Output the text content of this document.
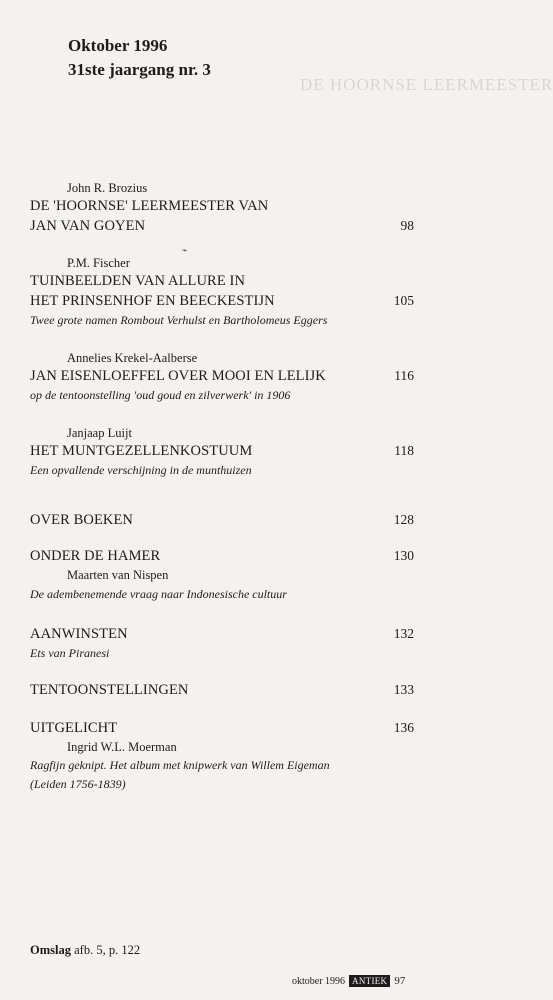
DE HOORNSE LEERMEESTER
Oktober 1996
31ste jaargang nr. 3
⌁
John R. Brozius
DE 'HOORNSE' LEERMEESTER VAN
JAN VAN GOYEN	98
P.M. Fischer
TUINBEELDEN VAN ALLURE IN
HET PRINSENHOF EN BEECKESTIJN	105
Twee grote namen Rombout Verhulst en Bartholomeus Eggers
Annelies Krekel-Aalberse
JAN EISENLOEFFEL OVER MOOI EN LELIJK	116
op de tentoonstelling 'oud goud en zilverwerk' in 1906
Janjaap Luijt
HET MUNTGEZELLENKOSTUUM	118
Een opvallende verschijning in de munthuizen
OVER BOEKEN	128
ONDER DE HAMER	130
Maarten van Nispen
De adembenemende vraag naar Indonesische cultuur
AANWINSTEN	132
Ets van Piranesi
TENTOONSTELLINGEN	133
UITGELICHT	136
Ingrid W.L. Moerman
Ragfijn geknipt. Het album met knipwerk van Willem Eigeman
(Leiden 1756-1839)
Omslag afb. 5, p. 122
oktober 1996 ANTIEK 97
